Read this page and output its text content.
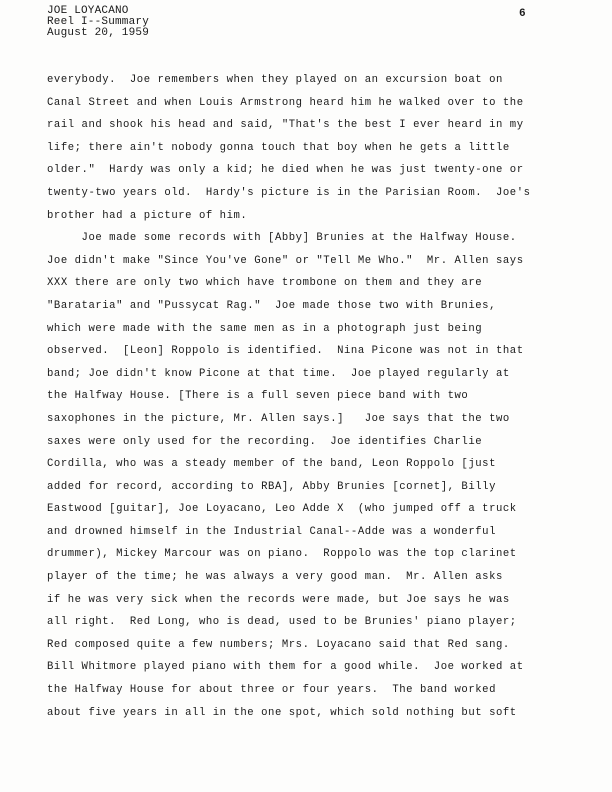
JOE LOYACANO
Reel I--Summary
August 20, 1959
6
everybody.  Joe remembers when they played on an excursion boat on
Canal Street and when Louis Armstrong heard him he walked over to the
rail and shook his head and said, "That's the best I ever heard in my
life; there ain't nobody gonna touch that boy when he gets a little
older."  Hardy was only a kid; he died when he was just twenty-one or
twenty-two years old.  Hardy's picture is in the Parisian Room.  Joe's
brother had a picture of him.
Joe made some records with [Abby] Brunies at the Halfway House.
Joe didn't make "Since You've Gone" or "Tell Me Who."  Mr. Allen says
XXX there are only two which have trombone on them and they are
"Barataria" and "Pussycat Rag."  Joe made those two with Brunies,
which were made with the same men as in a photograph just being
observed.  [Leon] Roppolo is identified.  Nina Picone was not in that
band; Joe didn't know Picone at that time.  Joe played regularly at
the Halfway House. [There is a full seven piece band with two
saxophones in the picture, Mr. Allen says.]   Joe says that the two
saxes were only used for the recording.  Joe identifies Charlie
Cordilla, who was a steady member of the band, Leon Roppolo [just
added for record, according to RBA], Abby Brunies [cornet], Billy
Eastwood [guitar], Joe Loyacano, Leo Adde X  (who jumped off a truck
and drowned himself in the Industrial Canal--Adde was a wonderful
drummer), Mickey Marcour was on piano.  Roppolo was the top clarinet
player of the time; he was always a very good man.  Mr. Allen asks
if he was very sick when the records were made, but Joe says he was
all right.  Red Long, who is dead, used to be Brunies' piano player;
Red composed quite a few numbers; Mrs. Loyacano said that Red sang.
Bill Whitmore played piano with them for a good while.  Joe worked at
the Halfway House for about three or four years.  The band worked
about five years in all in the one spot, which sold nothing but soft
